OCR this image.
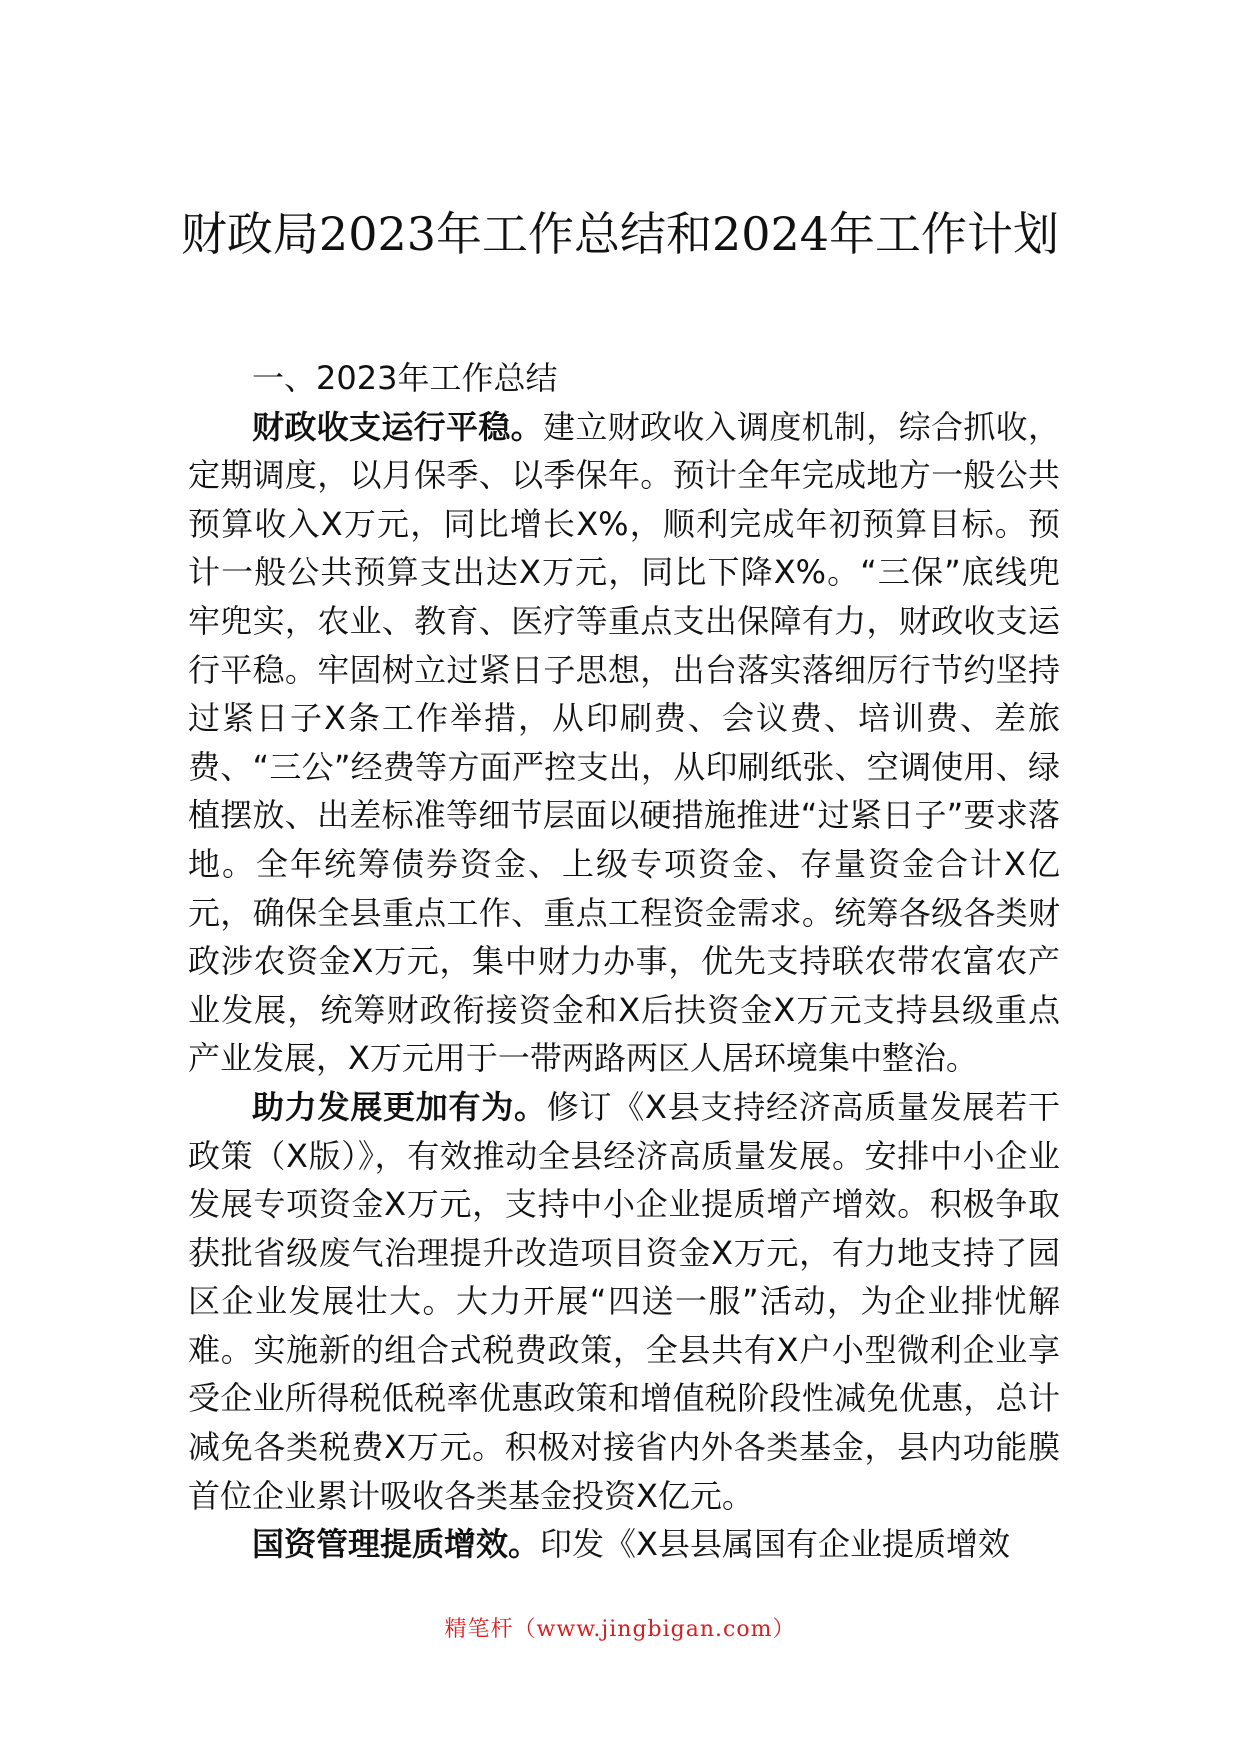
财政局2023年工作总结和2024年工作计划

一、2023年工作总结

财政收支运行平稳。建立财政收入调度机制，综合抓收，定期调度，以月保季、以季保年。预计全年完成地方一般公共预算收入X万元，同比增长X%，顺利完成年初预算目标。预计一般公共预算支出达X万元，同比下降X%。“三保”底线兜牢兜实，农业、教育、医疗等重点支出保障有力，财政收支运行平稳。牢固树立过紧日子思想，出台落实落细厉行节约坚持过紧日子X条工作举措，从印刷费、会议费、培训费、差旅费、“三公”经费等方面严控支出，从印刷纸张、空调使用、绿植摆放、出差标准等细节层面以硬措施推进“过紧日子”要求落地。全年统筹债券资金、上级专项资金、存量资金合计X亿元，确保全县重点工作、重点工程资金需求。统筹各级各类财政涉农资金X万元，集中财力办事，优先支持联农带农富农产业发展，统筹财政衔接资金和X后扶资金X万元支持县级重点产业发展，X万元用于一带两路两区人居环境集中整治。

助力发展更加有为。修订《X县支持经济高质量发展若干政策（X版）》，有效推动全县经济高质量发展。安排中小企业发展专项资金X万元，支持中小企业提质增产增效。积极争取获批省级废气治理提升改造项目资金X万元，有力地支持了园区企业发展壮大。大力开展“四送一服”活动，为企业排忧解难。实施新的组合式税费政策，全县共有X户小型微利企业享受企业所得税低税率优惠政策和增值税阶段性减免优惠，总计减免各类税费X万元。积极对接省内外各类基金，县内功能膜首位企业累计吸收各类基金投资X亿元。

国资管理提质增效。印发《X县县属国有企业提质增效

精笔杆（www.jingbigan.com）
